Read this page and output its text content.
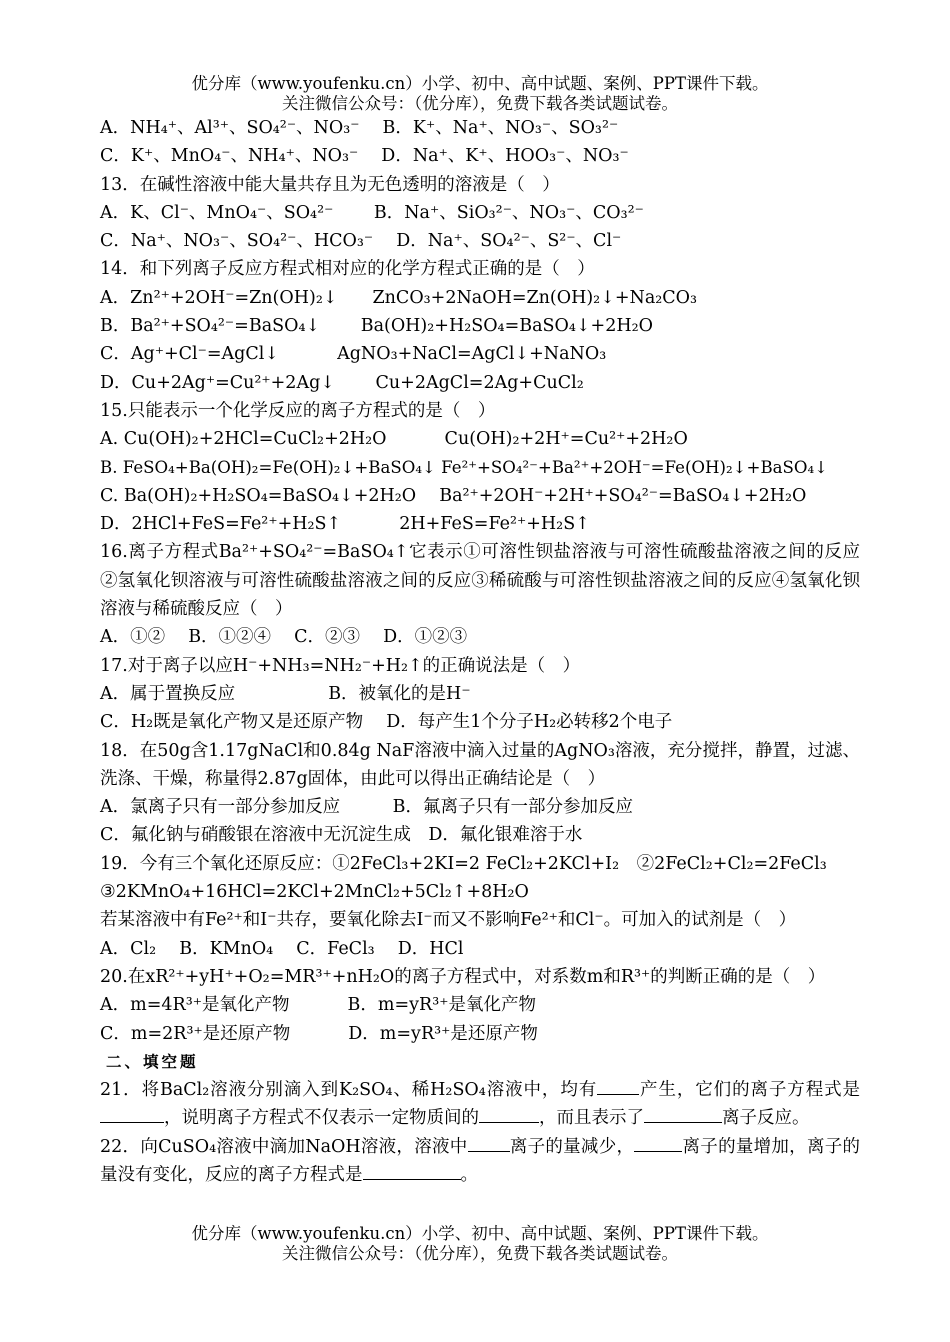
优分库（www.youfenku.cn）小学、初中、高中试题、案例、PPT课件下载。
关注微信公众号：（优分库），免费下载各类试题试卷。
A．NH₄⁺、Al³⁺、SO₄²⁻、NO₃⁻　 B．K⁺、Na⁺、NO₃⁻、SO₃²⁻
C．K⁺、MnO₄⁻、NH₄⁺、NO₃⁻　 D．Na⁺、K⁺、HOO₃⁻、NO₃⁻
13．在碱性溶液中能大量共存且为无色透明的溶液是（　）
A．K、Cl⁻、MnO₄⁻、SO₄²⁻　　 B．Na⁺、SiO₃²⁻、NO₃⁻、CO₃²⁻
C．Na⁺、NO₃⁻、SO₄²⁻、HCO₃⁻　 D．Na⁺、SO₄²⁻、S²⁻、Cl⁻
14．和下列离子反应方程式相对应的化学方程式正确的是（　）
A．Zn²⁺+2OH⁻=Zn(OH)₂↓　　ZnCO₃+2NaOH=Zn(OH)₂↓+Na₂CO₃
B．Ba²⁺+SO₄²⁻=BaSO₄↓　　 Ba(OH)₂+H₂SO₄=BaSO₄↓+2H₂O
C．Ag⁺+Cl⁻=AgCl↓　　　 AgNO₃+NaCl=AgCl↓+NaNO₃
D．Cu+2Ag⁺=Cu²⁺+2Ag↓　　 Cu+2AgCl=2Ag+CuCl₂
15.只能表示一个化学反应的离子方程式的是（　）
A. Cu(OH)₂+2HCl=CuCl₂+2H₂O　　　 Cu(OH)₂+2H⁺=Cu²⁺+2H₂O
B. FeSO₄+Ba(OH)₂=Fe(OH)₂↓+BaSO₄↓ Fe²⁺+SO₄²⁻+Ba²⁺+2OH⁻=Fe(OH)₂↓+BaSO₄↓
C. Ba(OH)₂+H₂SO₄=BaSO₄↓+2H₂O　 Ba²⁺+2OH⁻+2H⁺+SO₄²⁻=BaSO₄↓+2H₂O
D．2HCl+FeS=Fe²⁺+H₂S↑　　　 2H+FeS=Fe²⁺+H₂S↑
16.离子方程式Ba²⁺+SO₄²⁻=BaSO₄↑它表示①可溶性钡盐溶液与可溶性硫酸盐溶液之间的反应②氢氧化钡溶液与可溶性硫酸盐溶液之间的反应③稀硫酸与可溶性钡盐溶液之间的反应④氢氧化钡溶液与稀硫酸反应（　）
A．①②　 B．①②④　 C．②③　 D．①②③
17.对于离子以应H⁻+NH₃=NH₂⁻+H₂↑的正确说法是（　）
A．属于置换反应　　　　　 B．被氧化的是H⁻
C．H₂既是氧化产物又是还原产物　 D．每产生1个分子H₂必转移2个电子
18．在50g含1.17gNaCl和0.84g NaF溶液中滴入过量的AgNO₃溶液，充分搅拌，静置，过滤、洗涤、干燥，称量得2.87g固体，由此可以得出正确结论是（　）
A．氯离子只有一部分参加反应　　　B．氟离子只有一部分参加反应
C．氟化钠与硝酸银在溶液中无沉淀生成　D．氟化银难溶于水
19．今有三个氧化还原反应：①2FeCl₃+2KI=2 FeCl₂+2KCl+I₂　②2FeCl₂+Cl₂=2FeCl₃
③2KMnO₄+16HCl=2KCl+2MnCl₂+5Cl₂↑+8H₂O
若某溶液中有Fe²⁺和I⁻共存，要氧化除去I⁻而又不影响Fe²⁺和Cl⁻。可加入的试剂是（　）
A．Cl₂　 B．KMnO₄　 C．FeCl₃　 D．HCl
20.在xR²⁺+yH⁺+O₂=MR³⁺+nH₂O的离子方程式中，对系数m和R³⁺的判断正确的是（　）
A．m=4R³⁺是氧化产物　　　 B．m=yR³⁺是氧化产物
C．m=2R³⁺是还原产物　　　 D．m=yR³⁺是还原产物
二、填空题
21．将BaCl₂溶液分别滴入到K₂SO₄、稀H₂SO₄溶液中，均有 产生，它们的离子方程式是，说明离子方程式不仅表示一定物质间的	，而且表示了	离子反应。
22．向CuSO₄溶液中滴加NaOH溶液，溶液中 离子的量减少，	离子的量增加，离子的量没有变化，反应的离子方程式是	。
优分库（www.youfenku.cn）小学、初中、高中试题、案例、PPT课件下载。
关注微信公众号：（优分库），免费下载各类试题试卷。
